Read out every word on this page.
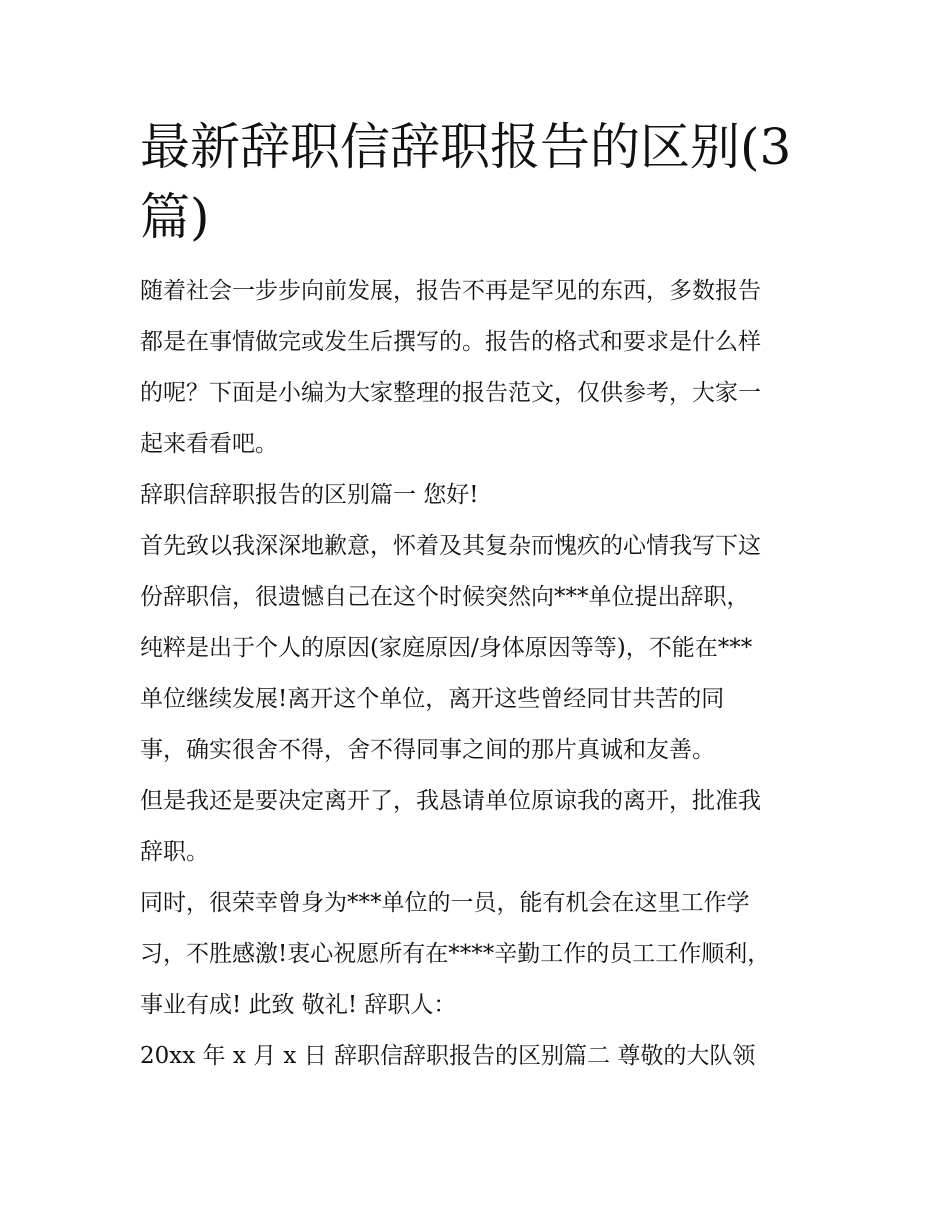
最新辞职信辞职报告的区别(3篇)
随着社会一步步向前发展，报告不再是罕见的东西，多数报告
都是在事情做完或发生后撰写的。报告的格式和要求是什么样
的呢？下面是小编为大家整理的报告范文，仅供参考，大家一
起来看看吧。
辞职信辞职报告的区别篇一 您好!
首先致以我深深地歉意，怀着及其复杂而愧疚的心情我写下这
份辞职信，很遗憾自己在这个时候突然向***单位提出辞职，
纯粹是出于个人的原因(家庭原因/身体原因等等)，不能在***
单位继续发展!离开这个单位，离开这些曾经同甘共苦的同
事，确实很舍不得，舍不得同事之间的那片真诚和友善。
但是我还是要决定离开了，我恳请单位原谅我的离开，批准我
辞职。
同时，很荣幸曾身为***单位的一员，能有机会在这里工作学
习，不胜感激!衷心祝愿所有在****辛勤工作的员工工作顺利，
事业有成! 此致 敬礼! 辞职人：
20xx 年 x 月 x 日 辞职信辞职报告的区别篇二 尊敬的大队领
